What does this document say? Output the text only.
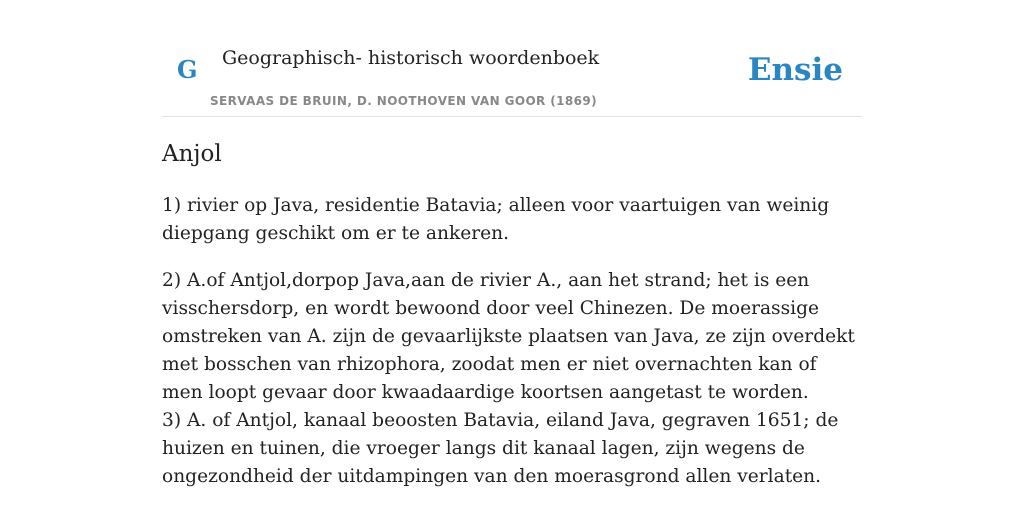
G Geographisch- historisch woordenboek
SERVAAS DE BRUIN, D. NOOTHOVEN VAN GOOR (1869)
Ensie
Anjol

1) rivier op Java, residentie Batavia; alleen voor vaartuigen van weinig diepgang geschikt om er te ankeren.

2) A.of Antjol,dorpop Java,aan de rivier A., aan het strand; het is een visschersdorp, en wordt bewoond door veel Chinezen. De moerassige omstreken van A. zijn de gevaarlijkste plaatsen van Java, ze zijn overdekt met bosschen van rhizophora, zoodat men er niet overnachten kan of men loopt gevaar door kwaadaardige koortsen aangetast te worden.

3) A. of Antjol, kanaal beoosten Batavia, eiland Java, gegraven 1651; de huizen en tuinen, die vroeger langs dit kanaal lagen, zijn wegens de ongezondheid der uitdampingen van den moerasgrond allen verlaten.
